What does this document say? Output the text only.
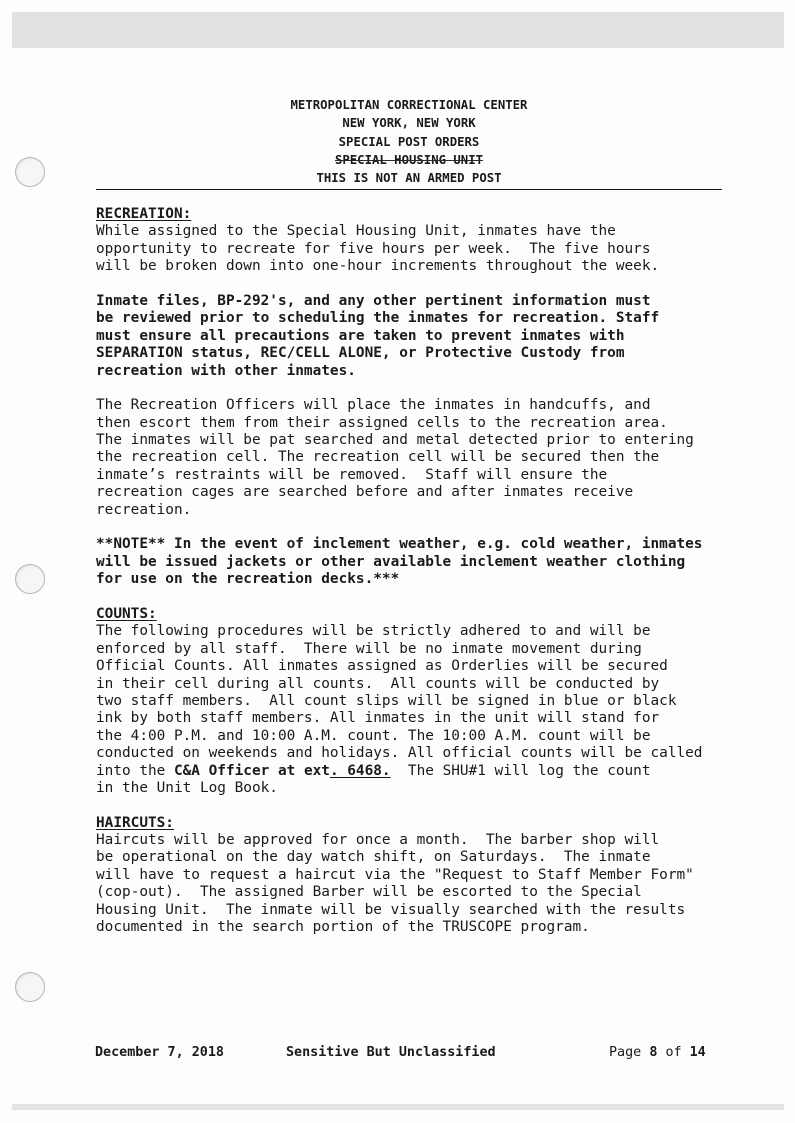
METROPOLITAN CORRECTIONAL CENTER
NEW YORK, NEW YORK
SPECIAL POST ORDERS
SPECIAL HOUSING UNIT
THIS IS NOT AN ARMED POST
RECREATION:
While assigned to the Special Housing Unit, inmates have the
opportunity to recreate for five hours per week.  The five hours
will be broken down into one-hour increments throughout the week.
Inmate files, BP-292's, and any other pertinent information must
be reviewed prior to scheduling the inmates for recreation. Staff
must ensure all precautions are taken to prevent inmates with
SEPARATION status, REC/CELL ALONE, or Protective Custody from
recreation with other inmates.
The Recreation Officers will place the inmates in handcuffs, and
then escort them from their assigned cells to the recreation area.
The inmates will be pat searched and metal detected prior to entering
the recreation cell. The recreation cell will be secured then the
inmate’s restraints will be removed.  Staff will ensure the
recreation cages are searched before and after inmates receive
recreation.
**NOTE** In the event of inclement weather, e.g. cold weather, inmates
will be issued jackets or other available inclement weather clothing
for use on the recreation decks.***
COUNTS:
The following procedures will be strictly adhered to and will be
enforced by all staff.  There will be no inmate movement during
Official Counts. All inmates assigned as Orderlies will be secured
in their cell during all counts.  All counts will be conducted by
two staff members.  All count slips will be signed in blue or black
ink by both staff members. All inmates in the unit will stand for
the 4:00 P.M. and 10:00 A.M. count. The 10:00 A.M. count will be
conducted on weekends and holidays. All official counts will be called
into the C&A Officer at ext. 6468.  The SHU#1 will log the count
in the Unit Log Book.
HAIRCUTS:
Haircuts will be approved for once a month.  The barber shop will
be operational on the day watch shift, on Saturdays.  The inmate
will have to request a haircut via the "Request to Staff Member Form"
(cop-out).  The assigned Barber will be escorted to the Special
Housing Unit.  The inmate will be visually searched with the results
documented in the search portion of the TRUSCOPE program.
December 7, 2018	Sensitive But Unclassified	Page 8 of 14
